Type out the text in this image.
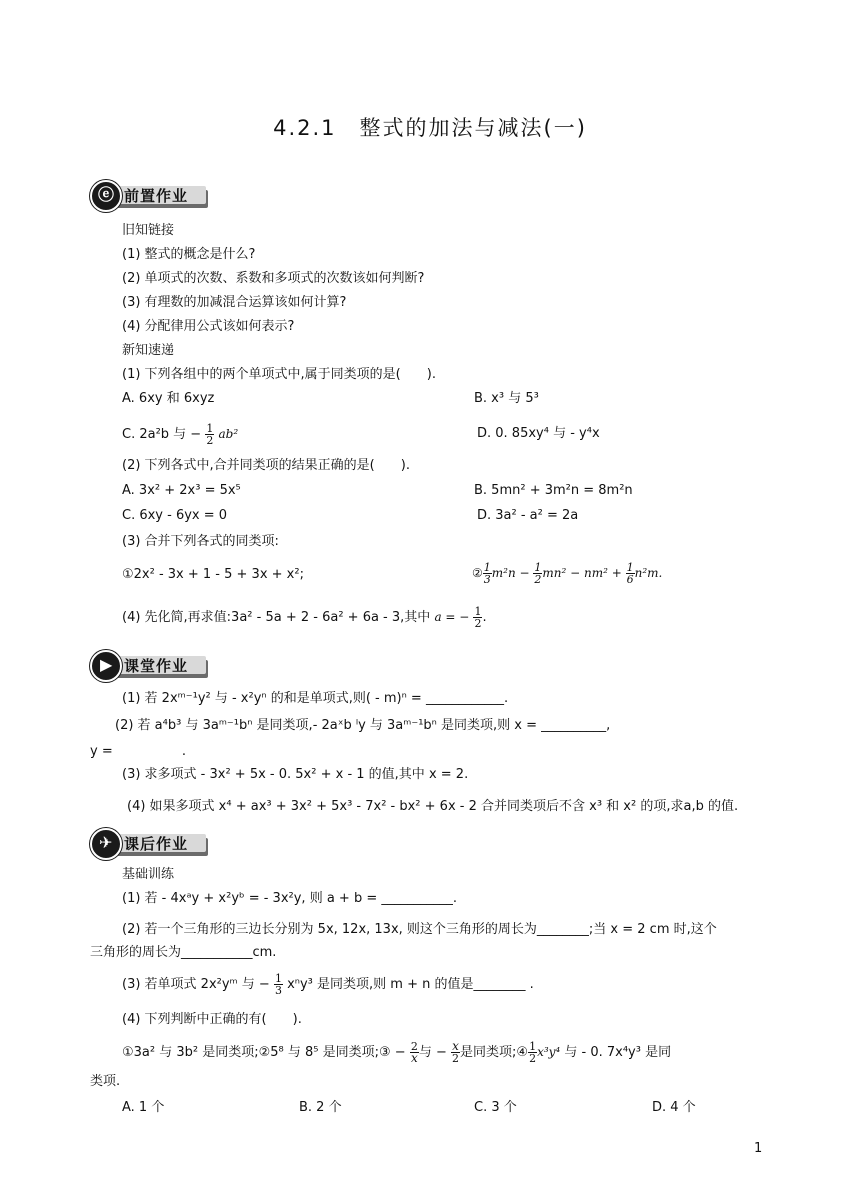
4.2.1　整式的加法与减法(一)
ⓔ 前置作业
旧知链接
(1) 整式的概念是什么?
(2) 单项式的次数、系数和多项式的次数该如何判断?
(3) 有理数的加减混合运算该如何计算?
(4) 分配律用公式该如何表示?
新知速递
(1) 下列各组中的两个单项式中,属于同类项的是(　　).
A. 6xy 和 6xyz	B. x³ 与 5³
C. 2a²b 与 − $\frac{1}{2} ab^2$	D. 0. 85xy⁴ 与 - y⁴x
(2) 下列各式中,合并同类项的结果正确的是(　　).
A. 3x² + 2x³ = 5x⁵	B. 5mn² + 3m²n = 8m²n
C. 6xy - 6yx = 0	D. 3a² - a² = 2a
(3) 合并下列各式的同类项:
①2x² - 3x + 1 - 5 + 3x + x²;	② $\frac{1}{3} m^2n - \frac{1}{2} mn^2 - nm^2 + \frac{1}{6} n^2m$.
(4) 先化简,再求值:3a² - 5a + 2 - 6a² + 6a - 3,其中 a = − $\frac{1}{2}$ .
▶ 课堂作业
(1) 若 2xᵐ⁻¹y² 与 - x²yⁿ 的和是单项式,则( - m)ⁿ = ____________.
(2) 若 a⁴b³ 与 3aᵐ⁻¹bⁿ 是同类项,- 2aˣb ˡy 与 3aᵐ⁻¹bⁿ 是同类项,则 x = __________,
y = 　　　　　.
(3) 求多项式 - 3x² + 5x - 0. 5x² + x - 1 的值,其中 x = 2.
(4) 如果多项式 x⁴ + ax³ + 3x² + 5x³ - 7x² - bx² + 6x - 2 合并同类项后不含 x³ 和 x² 的项,求a,b 的值.
✈ 课后作业
基础训练
(1) 若 - 4xᵃy + x²yᵇ = - 3x²y, 则 a + b = ___________.
(2) 若一个三角形的三边长分别为 5x, 12x, 13x, 则这个三角形的周长为________;当 x = 2 cm 时,这个
三角形的周长为___________cm.
(3) 若单项式 2x²yᵐ 与 − $\frac{1}{3} x^ny^3$ 是同类项,则 m + n 的值是________ .
(4) 下列判断中正确的有(　　).
①3a² 与 3b² 是同类项;②5⁸ 与 8⁵ 是同类项;③ − $\frac{2}{x}$ 与 − $\frac{x}{2}$ 是同类项;④ $\frac{1}{2} x^3y^4$ 与 - 0. 7x⁴y³ 是同
类项.
A. 1 个	B. 2 个	C. 3 个	D. 4 个
1
